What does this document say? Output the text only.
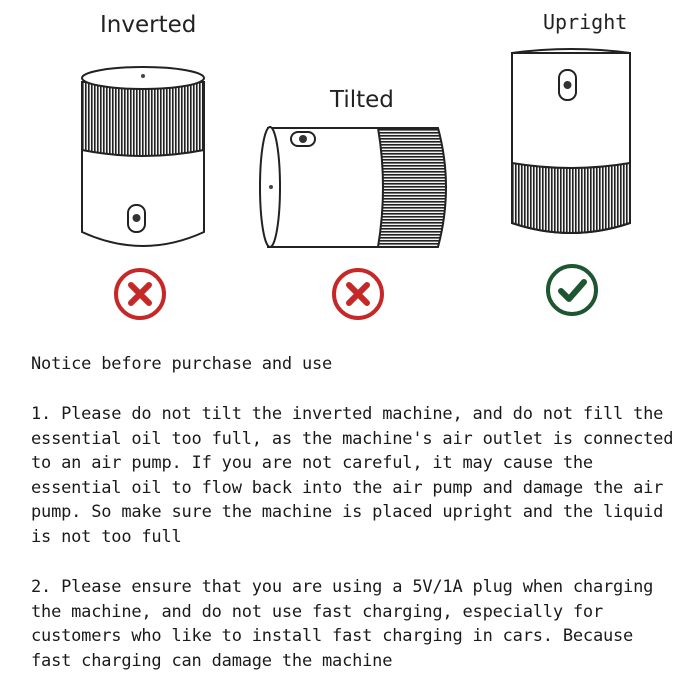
Inverted
Tilted
Upright

Notice before purchase and use

1. Please do not tilt the inverted machine, and do not fill the
essential oil too full, as the machine's air outlet is connected
to an air pump. If you are not careful, it may cause the
essential oil to flow back into the air pump and damage the air
pump. So make sure the machine is placed upright and the liquid
is not too full

2. Please ensure that you are using a 5V/1A plug when charging
the machine, and do not use fast charging, especially for
customers who like to install fast charging in cars. Because
fast charging can damage the machine
